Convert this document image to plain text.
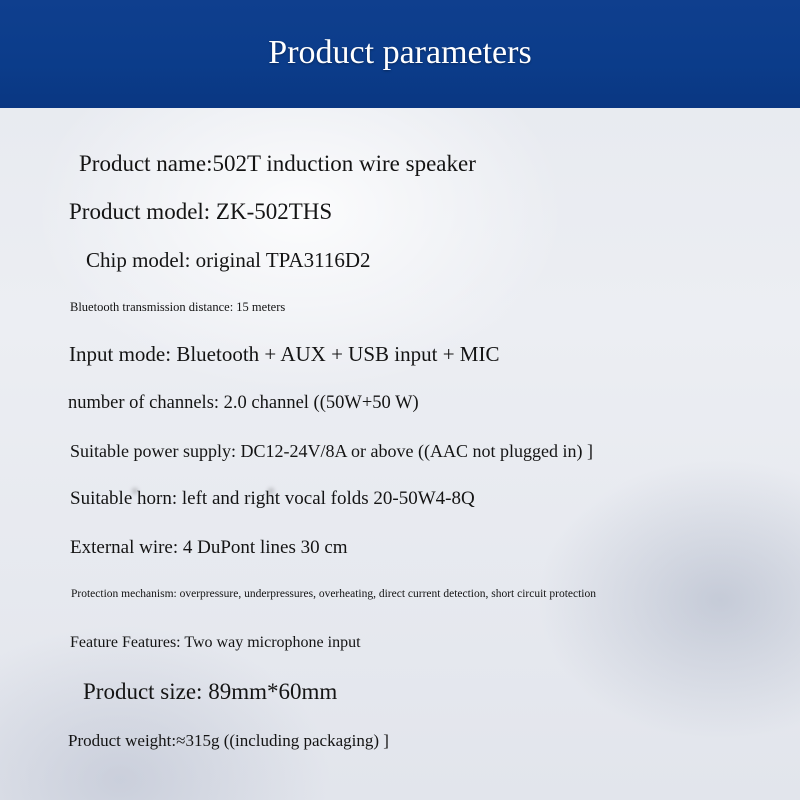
Product parameters
Product name:502T induction wire speaker
Product model: ZK-502THS
Chip model: original TPA3116D2
Bluetooth transmission distance: 15 meters
Input mode: Bluetooth + AUX + USB input + MIC
number of channels: 2.0 channel ((50W+50 W)
Suitable power supply: DC12-24V/8A or above ((AAC not plugged in) ]
Suitable horn: left and right vocal folds 20-50W4-8Q
External wire: 4 DuPont lines 30 cm
Protection mechanism: overpressure, underpressures, overheating, direct current detection, short circuit protection
Feature Features: Two way microphone input
Product size: 89mm*60mm
Product weight:≈315g ((including packaging) ]
